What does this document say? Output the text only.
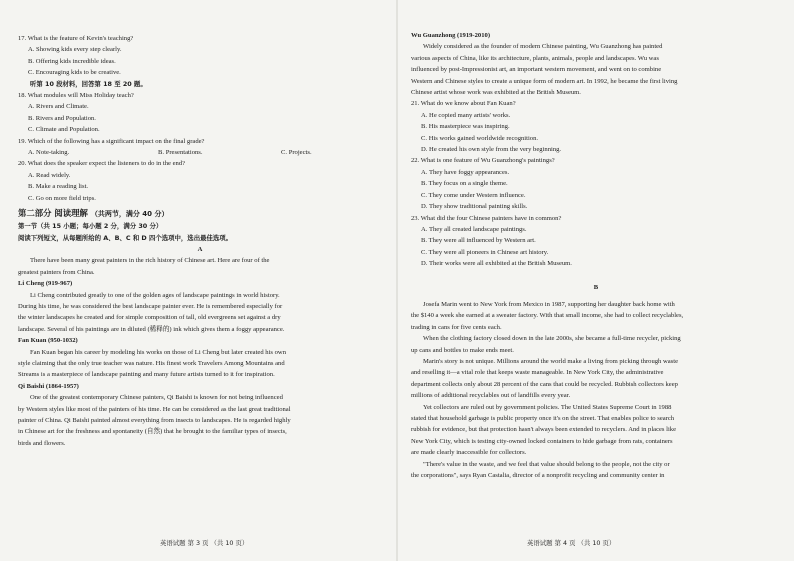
17. What is the feature of Kevin's teaching?
A. Showing kids every step clearly.
B. Offering kids incredible ideas.
C. Encouraging kids to be creative.
听第 10 段材料，回答第 18 至 20 题。
18. What modules will Miss Holiday teach?
A. Rivers and Climate.
B. Rivers and Population.
C. Climate and Population.
19. Which of the following has a significant impact on the final grade?
A. Note-taking.	B. Presentations.	C. Projects.
20. What does the speaker expect the listeners to do in the end?
A. Read widely.
B. Make a reading list.
C. Go on more field trips.
第二部分 阅读理解 （共两节，满分 40 分）
第一节（共 15 小题；每小题 2 分，满分 30 分）
阅读下列短文，从每题所给的 A、B、C 和 D 四个选项中，选出最佳选项。
A
There have been many great painters in the rich history of Chinese art. Here are four of the
greatest painters from China.
Li Cheng (919-967)
Li Cheng contributed greatly to one of the golden ages of landscape paintings in world history.
During his time, he was considered the best landscape painter ever. He is remembered especially for
the winter landscapes he created and for simple composition of tall, old evergreens set against a dry
landscape. Several of his paintings are in diluted (稀释的) ink which gives them a foggy appearance.
Fan Kuan (950-1032)
Fan Kuan began his career by modeling his works on those of Li Cheng but later created his own
style claiming that the only true teacher was nature. His finest work Travelers Among Mountains and
Streams is a masterpiece of landscape painting and many future artists turned to it for inspiration.
Qi Baishi (1864-1957)
One of the greatest contemporary Chinese painters, Qi Baishi is known for not being influenced
by Western styles like most of the painters of his time. He can be considered as the last great traditional
painter of China. Qi Baishi painted almost everything from insects to landscapes. He is regarded highly
in Chinese art for the freshness and spontaneity (自然) that he brought to the familiar types of insects,
birds and flowers.
英语试题 第 3 页 （共 10 页）
Wu Guanzhong (1919-2010)
Widely considered as the founder of modern Chinese painting, Wu Guanzhong has painted
various aspects of China, like its architecture, plants, animals, people and landscapes. Wu was
influenced by post-Impressionist art, an important western movement, and went on to combine
Western and Chinese styles to create a unique form of modern art. In 1992, he became the first living
Chinese artist whose work was exhibited at the British Museum.
21. What do we know about Fan Kuan?
A. He copied many artists' works.
B. His masterpiece was inspiring.
C. His works gained worldwide recognition.
D. He created his own style from the very beginning.
22. What is one feature of Wu Guanzhong's paintings?
A. They have foggy appearances.
B. They focus on a single theme.
C. They come under Western influence.
D. They show traditional painting skills.
23. What did the four Chinese painters have in common?
A. They all created landscape paintings.
B. They were all influenced by Western art.
C. They were all pioneers in Chinese art history.
D. Their works were all exhibited at the British Museum.
B
Josefa Marin went to New York from Mexico in 1987, supporting her daughter back home with
the $140 a week she earned at a sweater factory. With that small income, she had to collect recyclables,
trading in cans for five cents each.
When the clothing factory closed down in the late 2000s, she became a full-time recycler, picking
up cans and bottles to make ends meet.
Marin's story is not unique. Millions around the world make a living from picking through waste
and reselling it—a vital role that keeps waste manageable. In New York City, the administrative
department collects only about 28 percent of the cans that could be recycled. Rubbish collectors keep
millions of additional recyclables out of landfills every year.
Yet collectors are ruled out by government policies. The United States Supreme Court in 1988
stated that household garbage is public property once it's on the street. That enables police to search
rubbish for evidence, but that protection hasn't always been extended to recyclers. And in places like
New York City, which is testing city-owned locked containers to hide garbage from rats, containers
are made clearly inaccessible for collectors.
"There's value in the waste, and we feel that value should belong to the people, not the city or
the corporations", says Ryan Castalia, director of a nonprofit recycling and community center in
英语试题 第 4 页 （共 10 页）
